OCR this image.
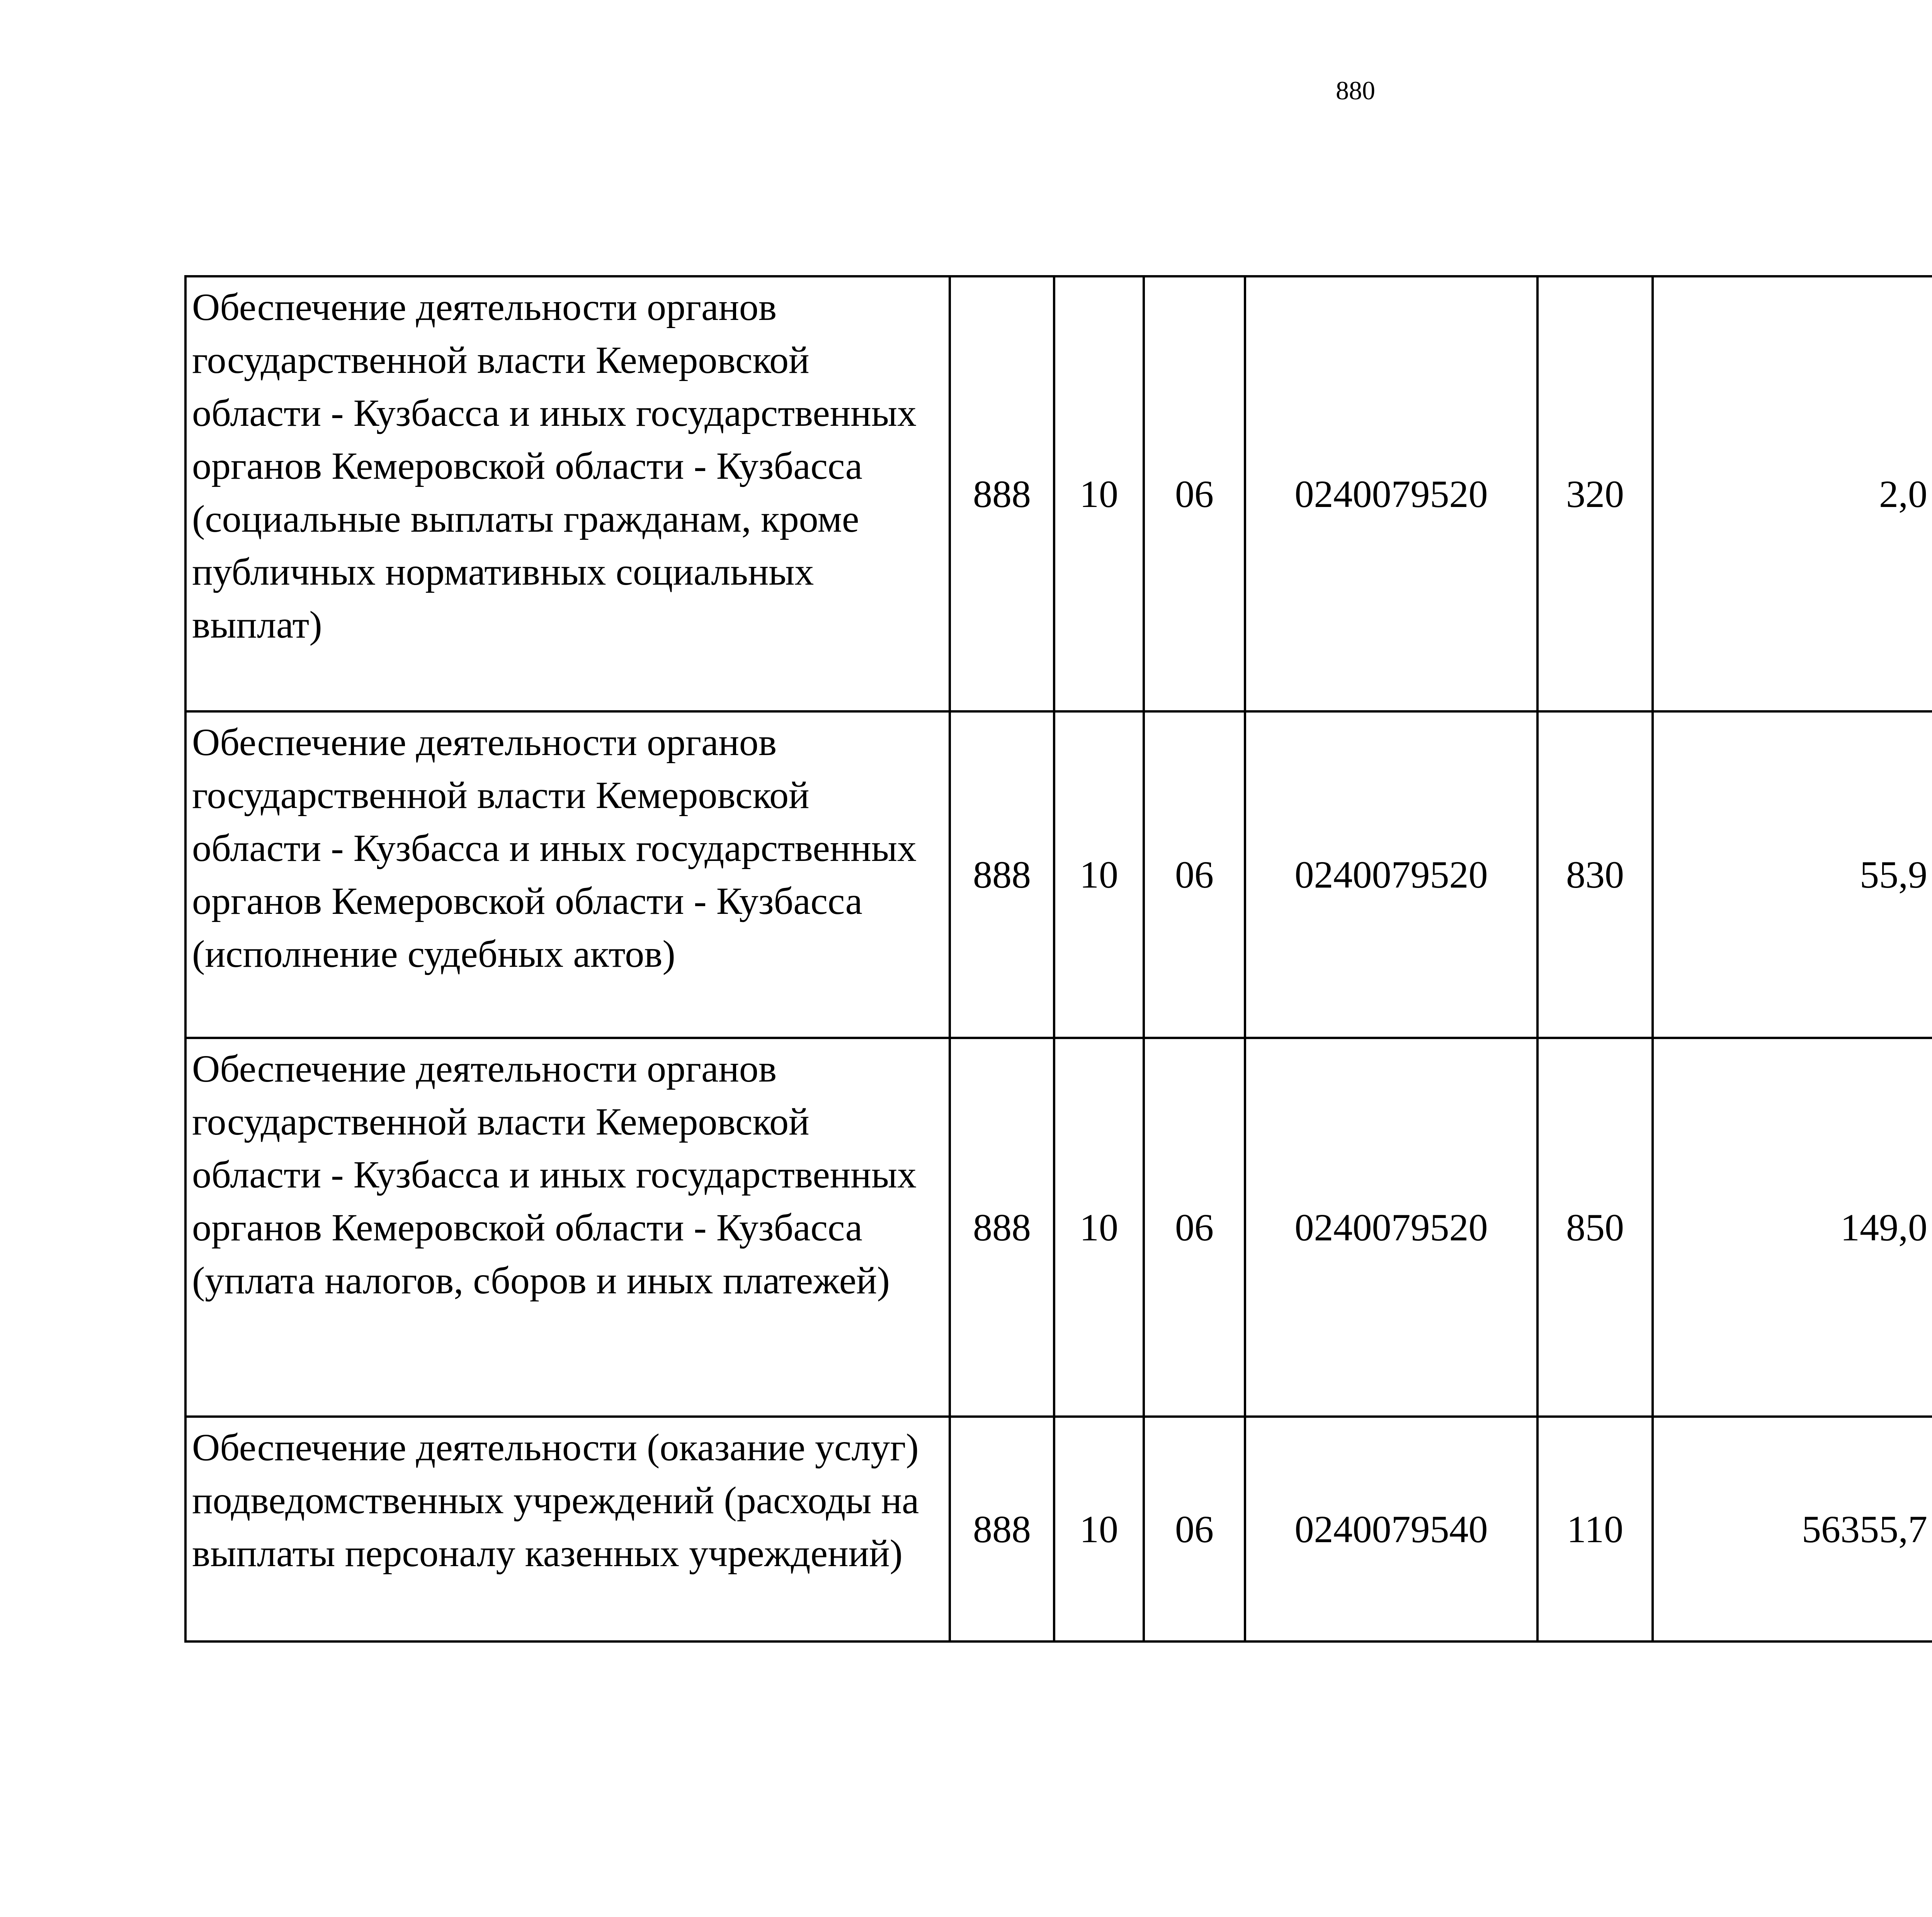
880
Обеспечение деятельности органов государственной власти Кемеровской области - Кузбасса и иных государственных органов Кемеровской области - Кузбасса (социальные выплаты гражданам, кроме публичных нормативных социальных выплат)	888	10	06	0240079520	320	2,0		
Обеспечение деятельности органов государственной власти Кемеровской области - Кузбасса и иных государственных органов Кемеровской области - Кузбасса (исполнение судебных актов)	888	10	06	0240079520	830	55,9		
Обеспечение деятельности органов государственной власти Кемеровской области - Кузбасса и иных государственных органов Кемеровской области - Кузбасса (уплата налогов, сборов и иных платежей)	888	10	06	0240079520	850	149,0		
Обеспечение деятельности (оказание услуг) подведомственных учреждений (расходы на выплаты персоналу казенных учреждений)	888	10	06	0240079540	110	56355,7		
